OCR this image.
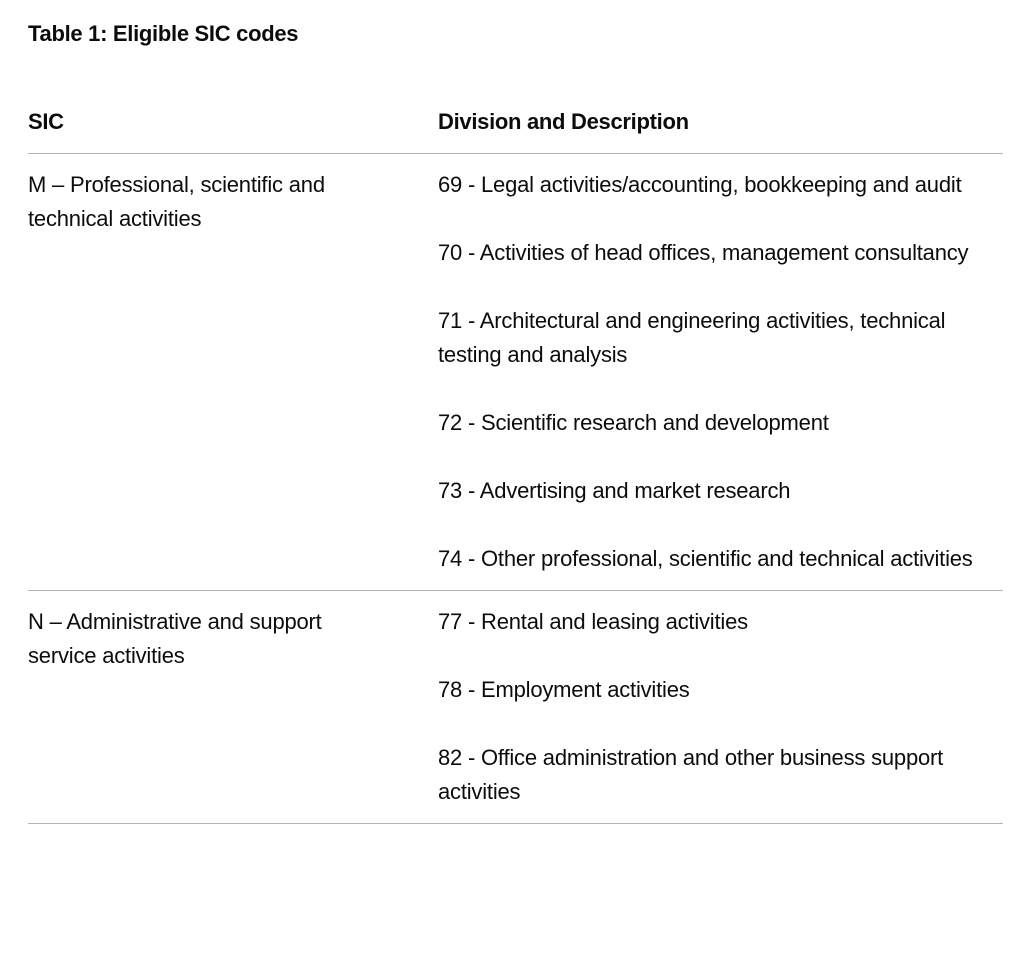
Table 1: Eligible SIC codes
SIC	Division and Description
M – Professional, scientific and technical activities
69 - Legal activities/accounting, bookkeeping and audit
70 - Activities of head offices, management consultancy
71 - Architectural and engineering activities, technical testing and analysis
72 - Scientific research and development
73 - Advertising and market research
74 - Other professional, scientific and technical activities
N – Administrative and support service activities
77 - Rental and leasing activities
78 - Employment activities
82 - Office administration and other business support activities
